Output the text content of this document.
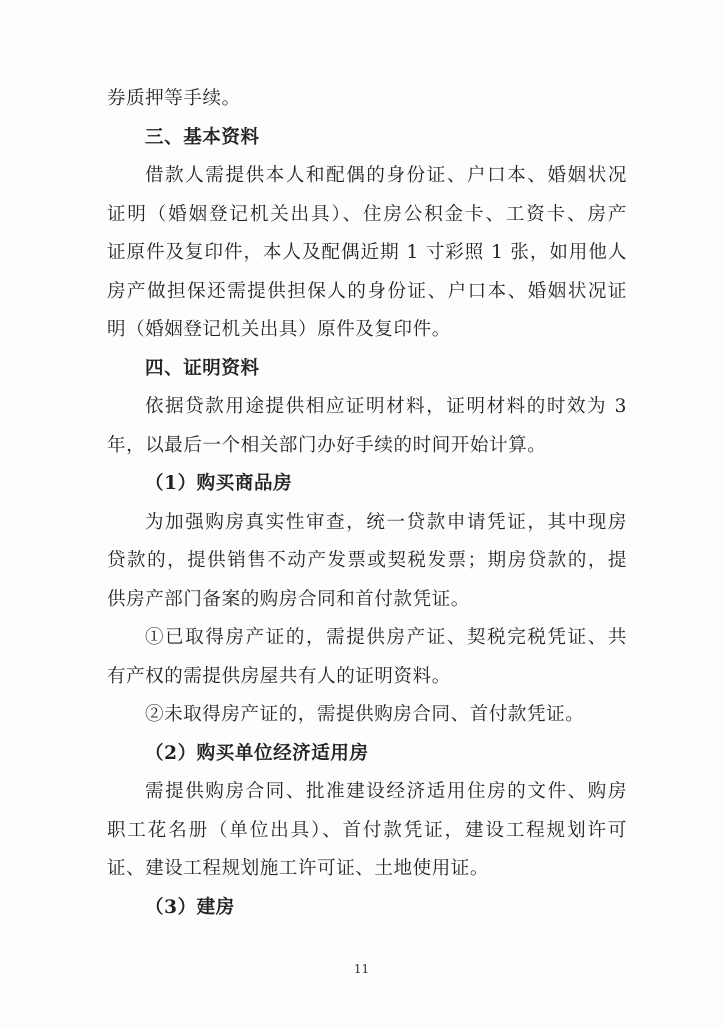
券质押等手续。
三、基本资料
借款人需提供本人和配偶的身份证、户口本、婚姻状况
证明（婚姻登记机关出具）、住房公积金卡、工资卡、房产
证原件及复印件，本人及配偶近期 1 寸彩照 1 张，如用他人
房产做担保还需提供担保人的身份证、户口本、婚姻状况证
明（婚姻登记机关出具）原件及复印件。
四、证明资料
依据贷款用途提供相应证明材料，证明材料的时效为 3
年，以最后一个相关部门办好手续的时间开始计算。
（1）购买商品房
为加强购房真实性审查，统一贷款申请凭证，其中现房
贷款的，提供销售不动产发票或契税发票；期房贷款的，提
供房产部门备案的购房合同和首付款凭证。
①已取得房产证的，需提供房产证、契税完税凭证、共
有产权的需提供房屋共有人的证明资料。
②未取得房产证的，需提供购房合同、首付款凭证。
（2）购买单位经济适用房
需提供购房合同、批准建设经济适用住房的文件、购房
职工花名册（单位出具）、首付款凭证，建设工程规划许可
证、建设工程规划施工许可证、土地使用证。
（3）建房
11
